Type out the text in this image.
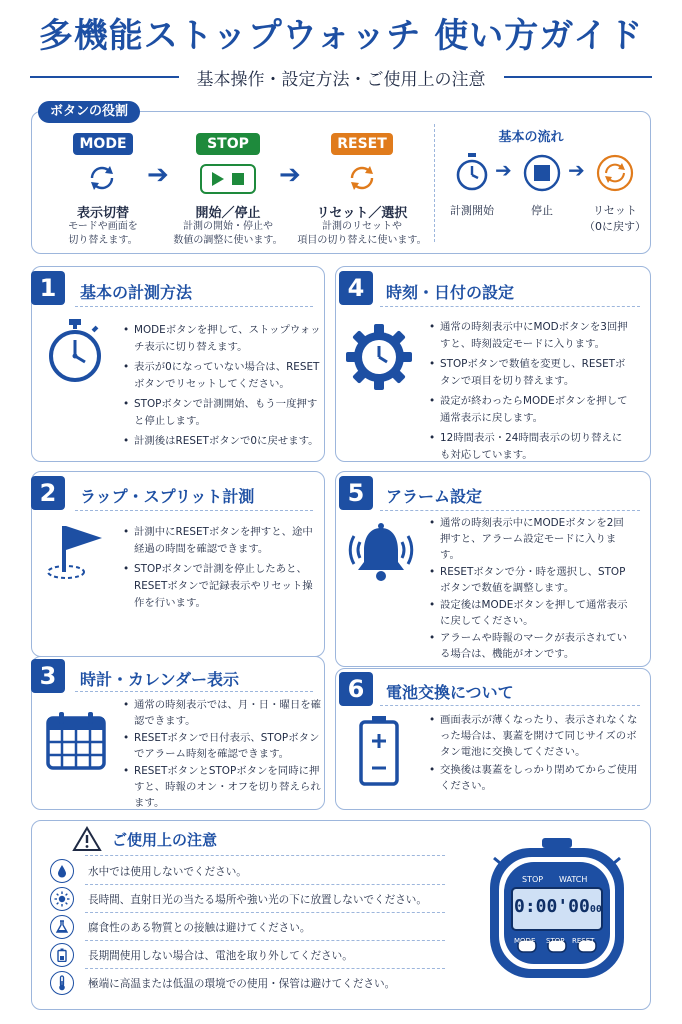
多機能ストップウォッチ 使い方ガイド
基本操作・設定方法・ご使用上の注意
ボタンの役割
MODE
表示切替
モードや画面を
切り替えます。
➔
STOP
開始／停止
計測の開始・停止や
数値の調整に使います。
➔
RESET
リセット／選択
計測のリセットや
項目の切り替えに使います。
基本の流れ
➔	➔
計測開始	停止	リセット
（0に戻す）
1	基本の計測方法
• MODEボタンを押して、ストップウォッチ表示に切り替えます。
• 表示が0になっていない場合は、RESETボタンでリセットしてください。
• STOPボタンで計測開始、もう一度押すと停止します。
• 計測後はRESETボタンで0に戻せます。
2	ラップ・スプリット計測
• 計測中にRESETボタンを押すと、途中経過の時間を確認できます。
• STOPボタンで計測を停止したあと、RESETボタンで記録表示やリセット操作を行います。
3	時計・カレンダー表示
• 通常の時刻表示では、月・日・曜日を確認できます。
• RESETボタンで日付表示、STOPボタンでアラーム時刻を確認できます。
• RESETボタンとSTOPボタンを同時に押すと、時報のオン・オフを切り替えられます。
4	時刻・日付の設定
• 通常の時刻表示中にMODボタンを3回押すと、時刻設定モードに入ります。
• STOPボタンで数値を変更し、RESETボタンで項目を切り替えます。
• 設定が終わったらMODEボタンを押して通常表示に戻します。
• 12時間表示・24時間表示の切り替えにも対応しています。
5	アラーム設定
• 通常の時刻表示中にMODEボタンを2回押すと、アラーム設定モードに入ります。
• RESETボタンで分・時を選択し、STOPボタンで数値を調整します。
• 設定後はMODEボタンを押して通常表示に戻してください。
• アラームや時報のマークが表示されている場合は、機能がオンです。
6	電池交換について
• 画面表示が薄くなったり、表示されなくなった場合は、裏蓋を開けて同じサイズのボタン電池に交換してください。
• 交換後は裏蓋をしっかり閉めてからご使用ください。
ご使用上の注意
水中では使用しないでください。
長時間、直射日光の当たる場所や強い光の下に放置しないでください。
腐食性のある物質との接触は避けてください。
長期間使用しない場合は、電池を取り外してください。
極端に高温または低温の環境での使用・保管は避けてください。
STOP WATCH
0:00'0000
MODE STOP RESET
